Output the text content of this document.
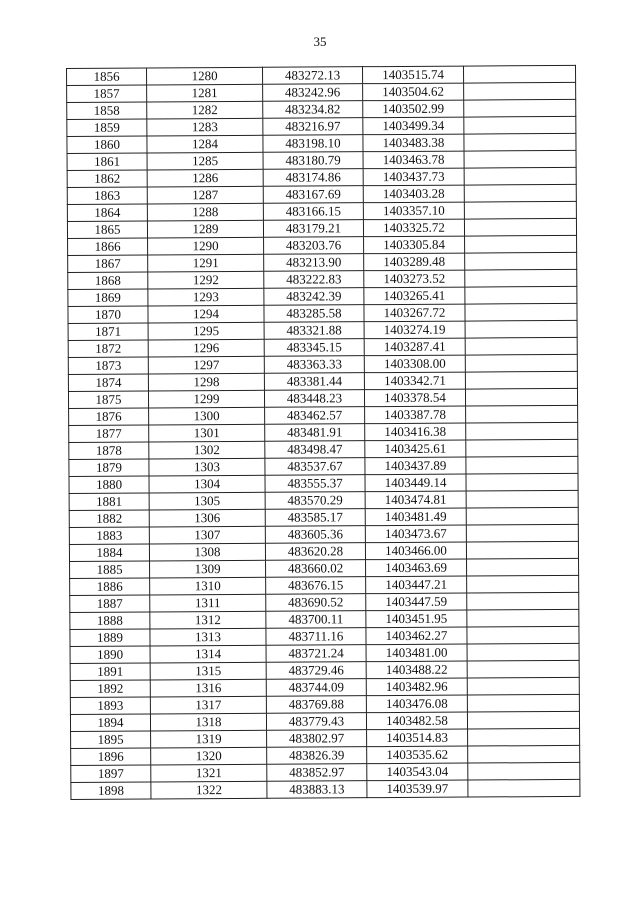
35
1856	1280	483272.13	1403515.74	
1857	1281	483242.96	1403504.62	
1858	1282	483234.82	1403502.99	
1859	1283	483216.97	1403499.34	
1860	1284	483198.10	1403483.38	
1861	1285	483180.79	1403463.78	
1862	1286	483174.86	1403437.73	
1863	1287	483167.69	1403403.28	
1864	1288	483166.15	1403357.10	
1865	1289	483179.21	1403325.72	
1866	1290	483203.76	1403305.84	
1867	1291	483213.90	1403289.48	
1868	1292	483222.83	1403273.52	
1869	1293	483242.39	1403265.41	
1870	1294	483285.58	1403267.72	
1871	1295	483321.88	1403274.19	
1872	1296	483345.15	1403287.41	
1873	1297	483363.33	1403308.00	
1874	1298	483381.44	1403342.71	
1875	1299	483448.23	1403378.54	
1876	1300	483462.57	1403387.78	
1877	1301	483481.91	1403416.38	
1878	1302	483498.47	1403425.61	
1879	1303	483537.67	1403437.89	
1880	1304	483555.37	1403449.14	
1881	1305	483570.29	1403474.81	
1882	1306	483585.17	1403481.49	
1883	1307	483605.36	1403473.67	
1884	1308	483620.28	1403466.00	
1885	1309	483660.02	1403463.69	
1886	1310	483676.15	1403447.21	
1887	1311	483690.52	1403447.59	
1888	1312	483700.11	1403451.95	
1889	1313	483711.16	1403462.27	
1890	1314	483721.24	1403481.00	
1891	1315	483729.46	1403488.22	
1892	1316	483744.09	1403482.96	
1893	1317	483769.88	1403476.08	
1894	1318	483779.43	1403482.58	
1895	1319	483802.97	1403514.83	
1896	1320	483826.39	1403535.62	
1897	1321	483852.97	1403543.04	
1898	1322	483883.13	1403539.97	
